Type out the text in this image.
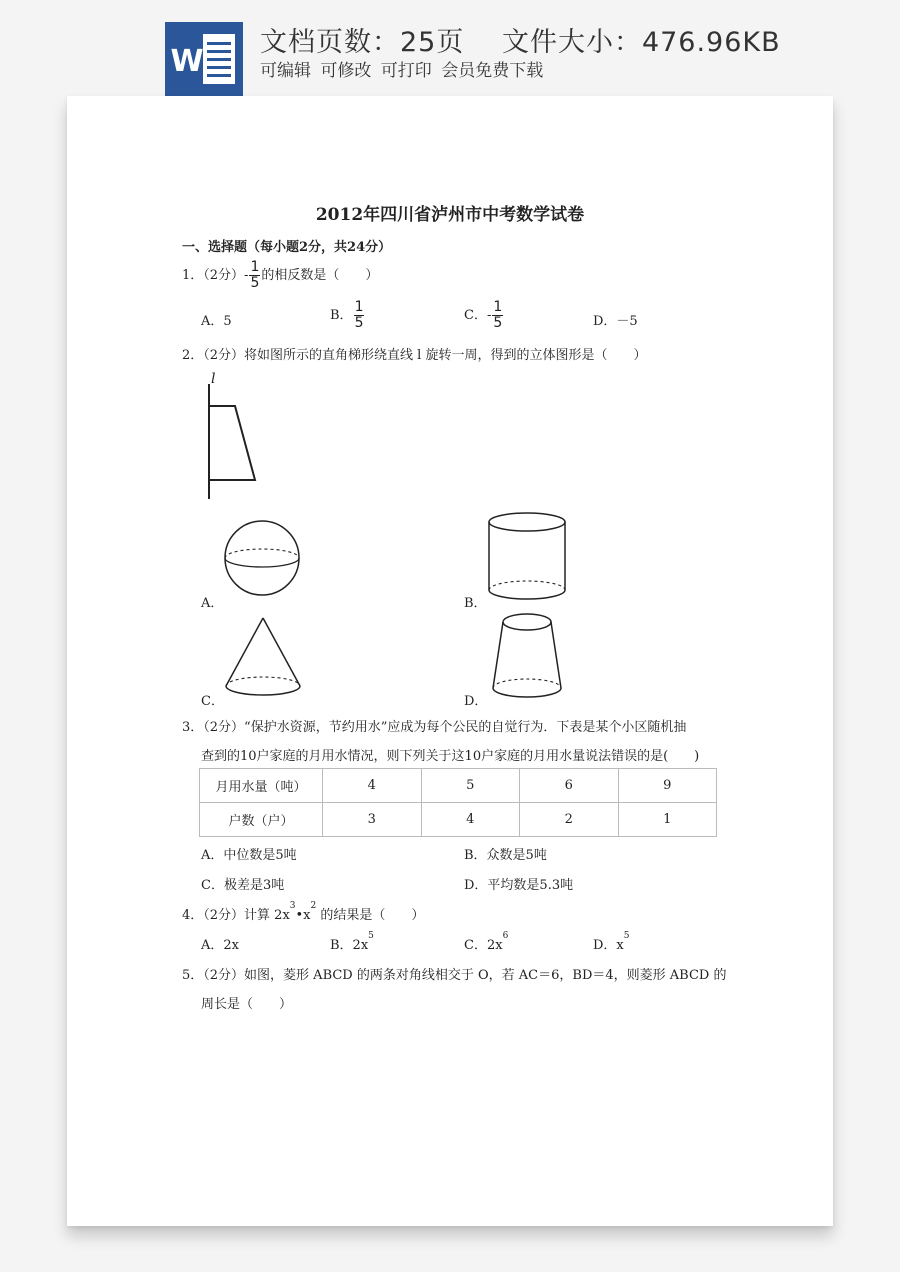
W
文档页数：25页　 文件大小：476.96KB
可编辑 可修改 可打印 会员免费下载
2012年四川省泸州市中考数学试卷
一、选择题（每小题2分，共24分）
1．（2分）- $\frac{1}{5}$ 的相反数是（　　）
A．5	B． $\frac{1}{5}$	C．- $\frac{1}{5}$	D．－5
2．（2分）将如图所示的直角梯形绕直线 l 旋转一周，得到的立体图形是（　　）
l
A．	B．
C．	D．
3．（2分）“保护水资源，节约用水”应成为每个公民的自觉行为．下表是某个小区随机抽
查到的10户家庭的月用水情况，则下列关于这10户家庭的月用水量说法错误的是(　　)
月用水量（吨）	4	5	6	9
户数（户）	3	4	2	1
A．中位数是5吨	B．众数是5吨
C．极差是3吨	D．平均数是5.3吨
4．（2分）计算 $2x^3•x^2$ 的结果是（　　）
A．2x	B．$2x^5$
C．$2x^6$
D．$x^5$
5．（2分）如图，菱形 ABCD 的两条对角线相交于 O，若 AC＝6，BD＝4，则菱形 ABCD 的
周长是（　　）
